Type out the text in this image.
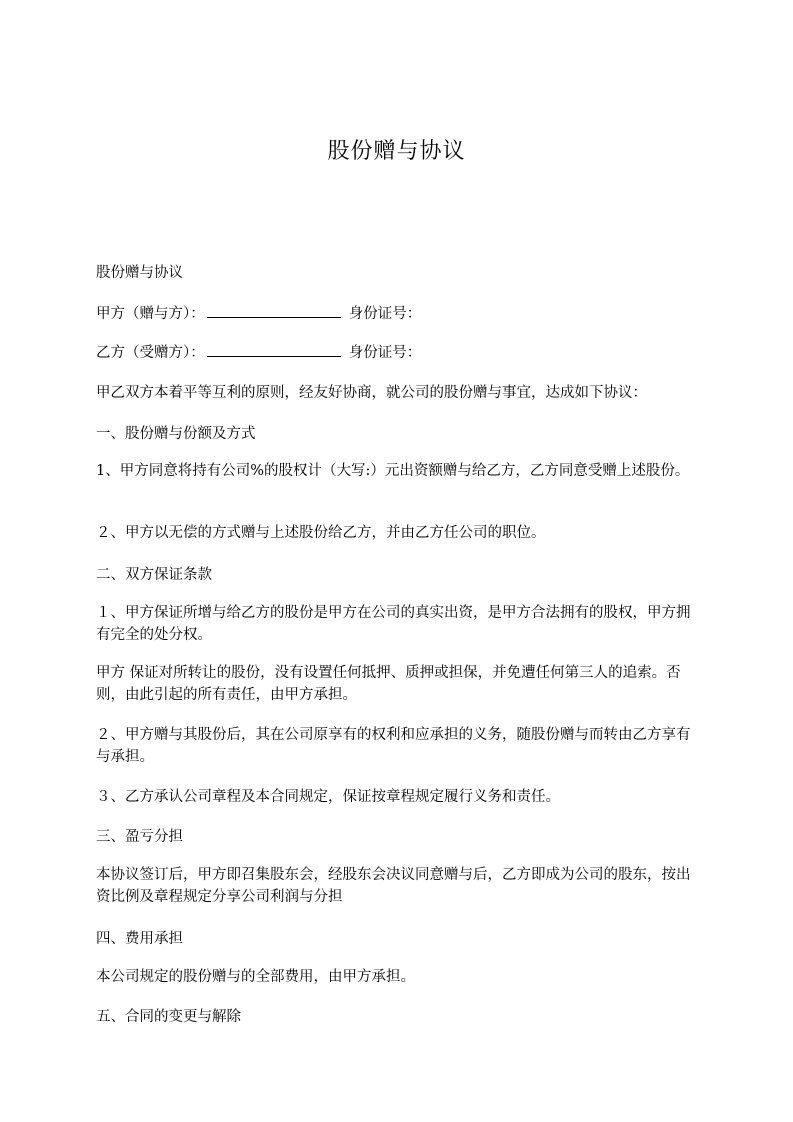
股份赠与协议
股份赠与协议
甲方（赠与方）：	身份证号：
乙方（受赠方）：	身份证号：
甲乙双方本着平等互利的原则，经友好协商，就公司的股份赠与事宜，达成如下协议：
一、股份赠与份额及方式
1、甲方同意将持有公司%的股权计（大写:）元出资额赠与给乙方，乙方同意受赠上述股份。
２、甲方以无偿的方式赠与上述股份给乙方，并由乙方任公司的职位。
二、双方保证条款
１、甲方保证所增与给乙方的股份是甲方在公司的真实出资，是甲方合法拥有的股权，甲方拥有完全的处分权。
甲方 保证对所转让的股份，没有设置任何抵押、质押或担保，并免遭任何第三人的追索。否则，由此引起的所有责任，由甲方承担。
２、甲方赠与其股份后，其在公司原享有的权利和应承担的义务，随股份赠与而转由乙方享有与承担。
３、乙方承认公司章程及本合同规定，保证按章程规定履行义务和责任。
三、盈亏分担
本协议签订后，甲方即召集股东会，经股东会决议同意赠与后，乙方即成为公司的股东，按出资比例及章程规定分享公司利润与分担
四、费用承担
本公司规定的股份赠与的全部费用，由甲方承担。
五、合同的变更与解除
